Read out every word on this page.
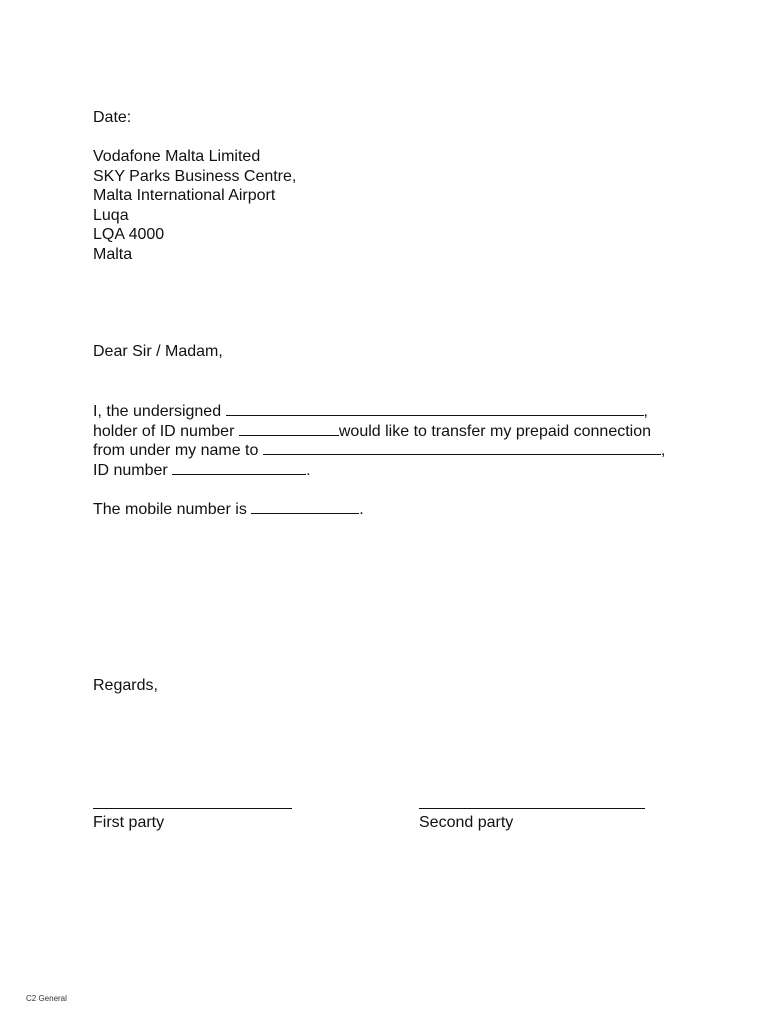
Date:
Vodafone Malta Limited
SKY Parks Business Centre,
Malta International Airport
Luqa
LQA 4000
Malta
Dear Sir / Madam,
I, the undersigned	,
holder of ID number	would like to transfer my prepaid connection
from under my name to	,
ID number	.
The mobile number is	.
Regards,
First party	Second party
C2 General
